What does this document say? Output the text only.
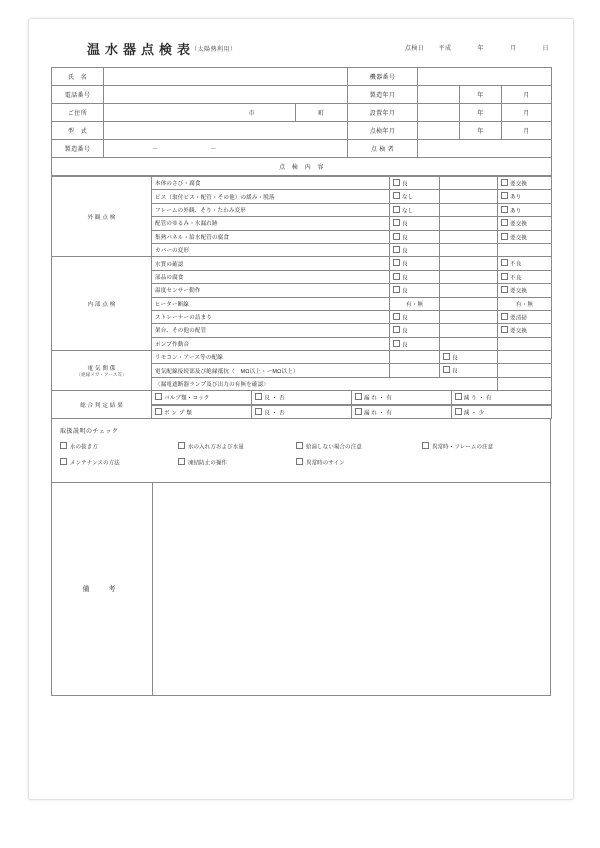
温水器点検表
（太陽熱利用）	点検日 平成	年	月	日
氏　名			機器番号			
電話番号			製造年月		年	月
ご住所	市	町	設置年月		年	月
型　式			点検年月		年	月
製造番号	－ －		点 検 者			
点　検　内　容						
外 観 点 検	本体のさび・腐食	良		要交換
ビス（取付ビス・配管・その他）の緩み・脱落	なし		あり
フレームの外観、そり・たわみ変形	なし		あり
配管のゆるみ・水漏れ跡	良		要交換
集熱パネル・給水配管の腐食	良		要交換
カバーの変形	良		
内 部 点 検	水質の確認	良		不良
部品の腐食	良		不良
温度センサー動作	良		要交換
ヒーター断線	有・無		有・無
ストレーナーの詰まり	良		要清掃
架台、その他の配管	良		要交換
ポンプ作動音	良		
電 気 関 係
（絶縁メガ・アース等）
	リモコン・アース等の配線		良	
電気配線接続部及び絶縁抵抗（　MΩ以上・ーMΩ以上）		良	
〈漏電遮断器ランプ及び出力の有無を確認〉	
総 合 判 定 結 果	
バルブ類・コック	良 ・ 否	漏 れ ・ 有	減 り ・ 有

ポ ン プ 類	良 ・ 否	漏 れ ・ 有	減 ・ 少
取扱説明のチェック
水の抜き方	水の入れ方および水量	給湯しない場合の注意	異常時・フレームの注意
メンテナンスの方法	凍結防止の操作	異常時のサイン
備　考
